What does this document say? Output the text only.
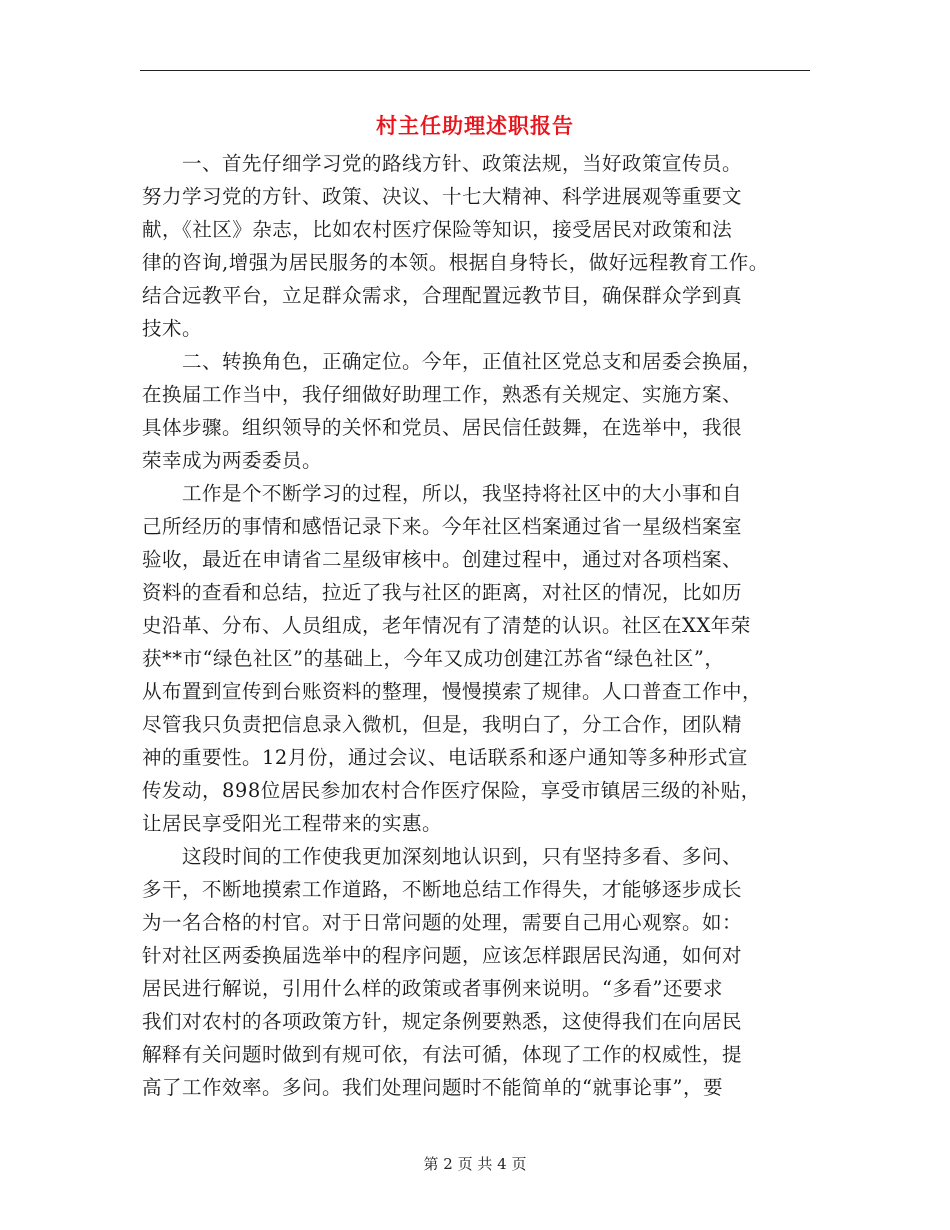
村主任助理述职报告
　　一、首先仔细学习党的路线方针、政策法规，当好政策宣传员。
努力学习党的方针、政策、决议、十七大精神、科学进展观等重要文
献，《社区》杂志，比如农村医疗保险等知识，接受居民对政策和法
律的咨询,增强为居民服务的本领。根据自身特长，做好远程教育工作。
结合远教平台，立足群众需求，合理配置远教节目，确保群众学到真
技术。
　　二、转换角色，正确定位。今年，正值社区党总支和居委会换届，
在换届工作当中，我仔细做好助理工作，熟悉有关规定、实施方案、
具体步骤。组织领导的关怀和党员、居民信任鼓舞，在选举中，我很
荣幸成为两委委员。
　　工作是个不断学习的过程，所以，我坚持将社区中的大小事和自
己所经历的事情和感悟记录下来。今年社区档案通过省一星级档案室
验收，最近在申请省二星级审核中。创建过程中，通过对各项档案、
资料的查看和总结，拉近了我与社区的距离，对社区的情况，比如历
史沿革、分布、人员组成，老年情况有了清楚的认识。社区在XX年荣
获**市“绿色社区”的基础上，今年又成功创建江苏省“绿色社区”，
从布置到宣传到台账资料的整理，慢慢摸索了规律。人口普查工作中，
尽管我只负责把信息录入微机，但是，我明白了，分工合作，团队精
神的重要性。12月份，通过会议、电话联系和逐户通知等多种形式宣
传发动，898位居民参加农村合作医疗保险，享受市镇居三级的补贴，
让居民享受阳光工程带来的实惠。
　　这段时间的工作使我更加深刻地认识到，只有坚持多看、多问、
多干，不断地摸索工作道路，不断地总结工作得失，才能够逐步成长
为一名合格的村官。对于日常问题的处理，需要自己用心观察。如：
针对社区两委换届选举中的程序问题，应该怎样跟居民沟通，如何对
居民进行解说，引用什么样的政策或者事例来说明。“多看”还要求
我们对农村的各项政策方针，规定条例要熟悉，这使得我们在向居民
解释有关问题时做到有规可依，有法可循，体现了工作的权威性，提
高了工作效率。多问。我们处理问题时不能简单的“就事论事”，要
第 2 页 共 4 页
